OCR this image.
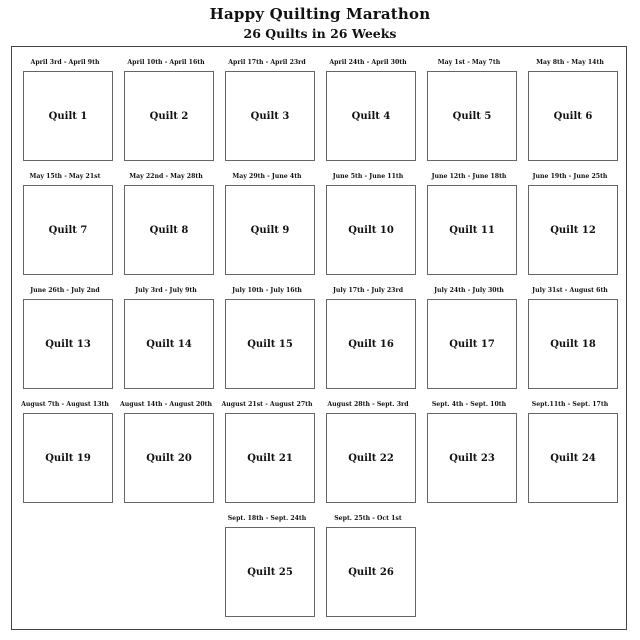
Happy Quilting Marathon
26 Quilts in 26 Weeks
April 3rd - April 9th
Quilt 1
April 10th - April 16th
Quilt 2
April 17th - April 23rd
Quilt 3
April 24th - April 30th
Quilt 4
May 1st - May 7th
Quilt 5
May 8th - May 14th
Quilt 6
May 15th - May 21st
Quilt 7
May 22nd - May 28th
Quilt 8
May 29th - June 4th
Quilt 9
June 5th - June 11th
Quilt 10
June 12th - June 18th
Quilt 11
June 19th - June 25th
Quilt 12
June 26th - July 2nd
Quilt 13
July 3rd - July 9th
Quilt 14
July 10th - July 16th
Quilt 15
July 17th - July 23rd
Quilt 16
July 24th - July 30th
Quilt 17
July 31st - August 6th
Quilt 18
August 7th - August 13th
Quilt 19
August 14th - August 20th
Quilt 20
August 21st - August 27th
Quilt 21
August 28th - Sept. 3rd
Quilt 22
Sept. 4th - Sept. 10th
Quilt 23
Sept.11th - Sept. 17th
Quilt 24
Sept. 18th - Sept. 24th
Quilt 25
Sept. 25th - Oct 1st
Quilt 26
